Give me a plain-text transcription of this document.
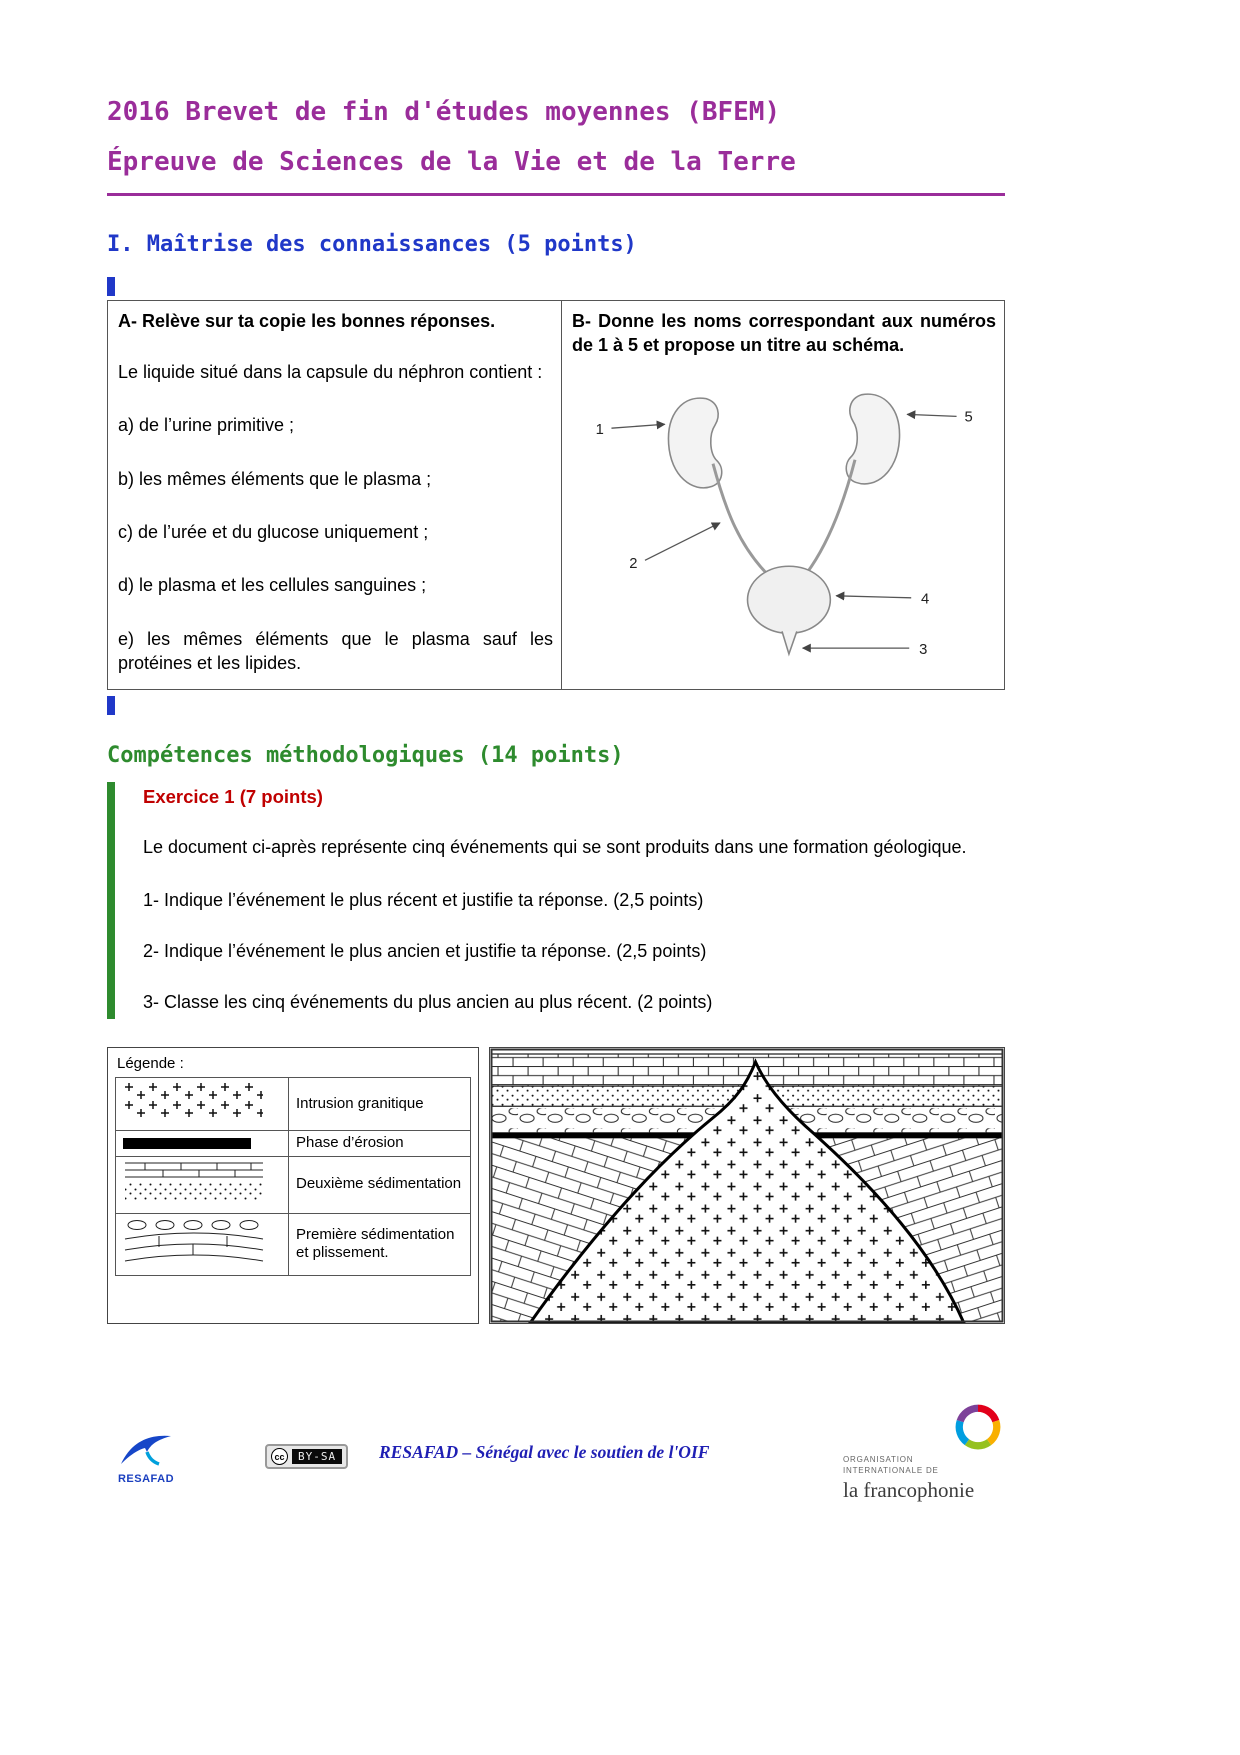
2016 Brevet de fin d'études moyennes (BFEM)
Épreuve de Sciences de la Vie et de la Terre
I. Maîtrise des connaissances (5 points)

A- Relève sur ta copie les bonnes réponses.

Le liquide situé dans la capsule du néphron contient :

a) de l’urine primitive ;

b) les mêmes éléments que le plasma ;

c) de l’urée et du glucose uniquement ;

d) le plasma et les cellules sanguines ;

e) les mêmes éléments que le plasma sauf les protéines et les lipides.

B- Donne les noms correspondant aux numéros de 1 à 5 et propose un titre au schéma.

1
2
3
4
5
Compétences méthodologiques (14 points)

Exercice 1 (7 points)

Le document ci-après représente cinq événements qui se sont produits dans une formation géologique.

1- Indique l’événement le plus récent et justifie ta réponse. (2,5 points)

2- Indique l’événement le plus ancien et justifie ta réponse. (2,5 points)

3- Classe les cinq événements du plus ancien au plus récent. (2 points)

Légende :

	Intrusion granitique

	Phase d’érosion
	Deuxième sédimentation
	Première sédimentation et plissement.
RESAFAD
cc	BY-SA	RESAFAD – Sénégal avec le soutien de l'OIF	ORGANISATION
INTERNATIONALE DE
la francophonie
